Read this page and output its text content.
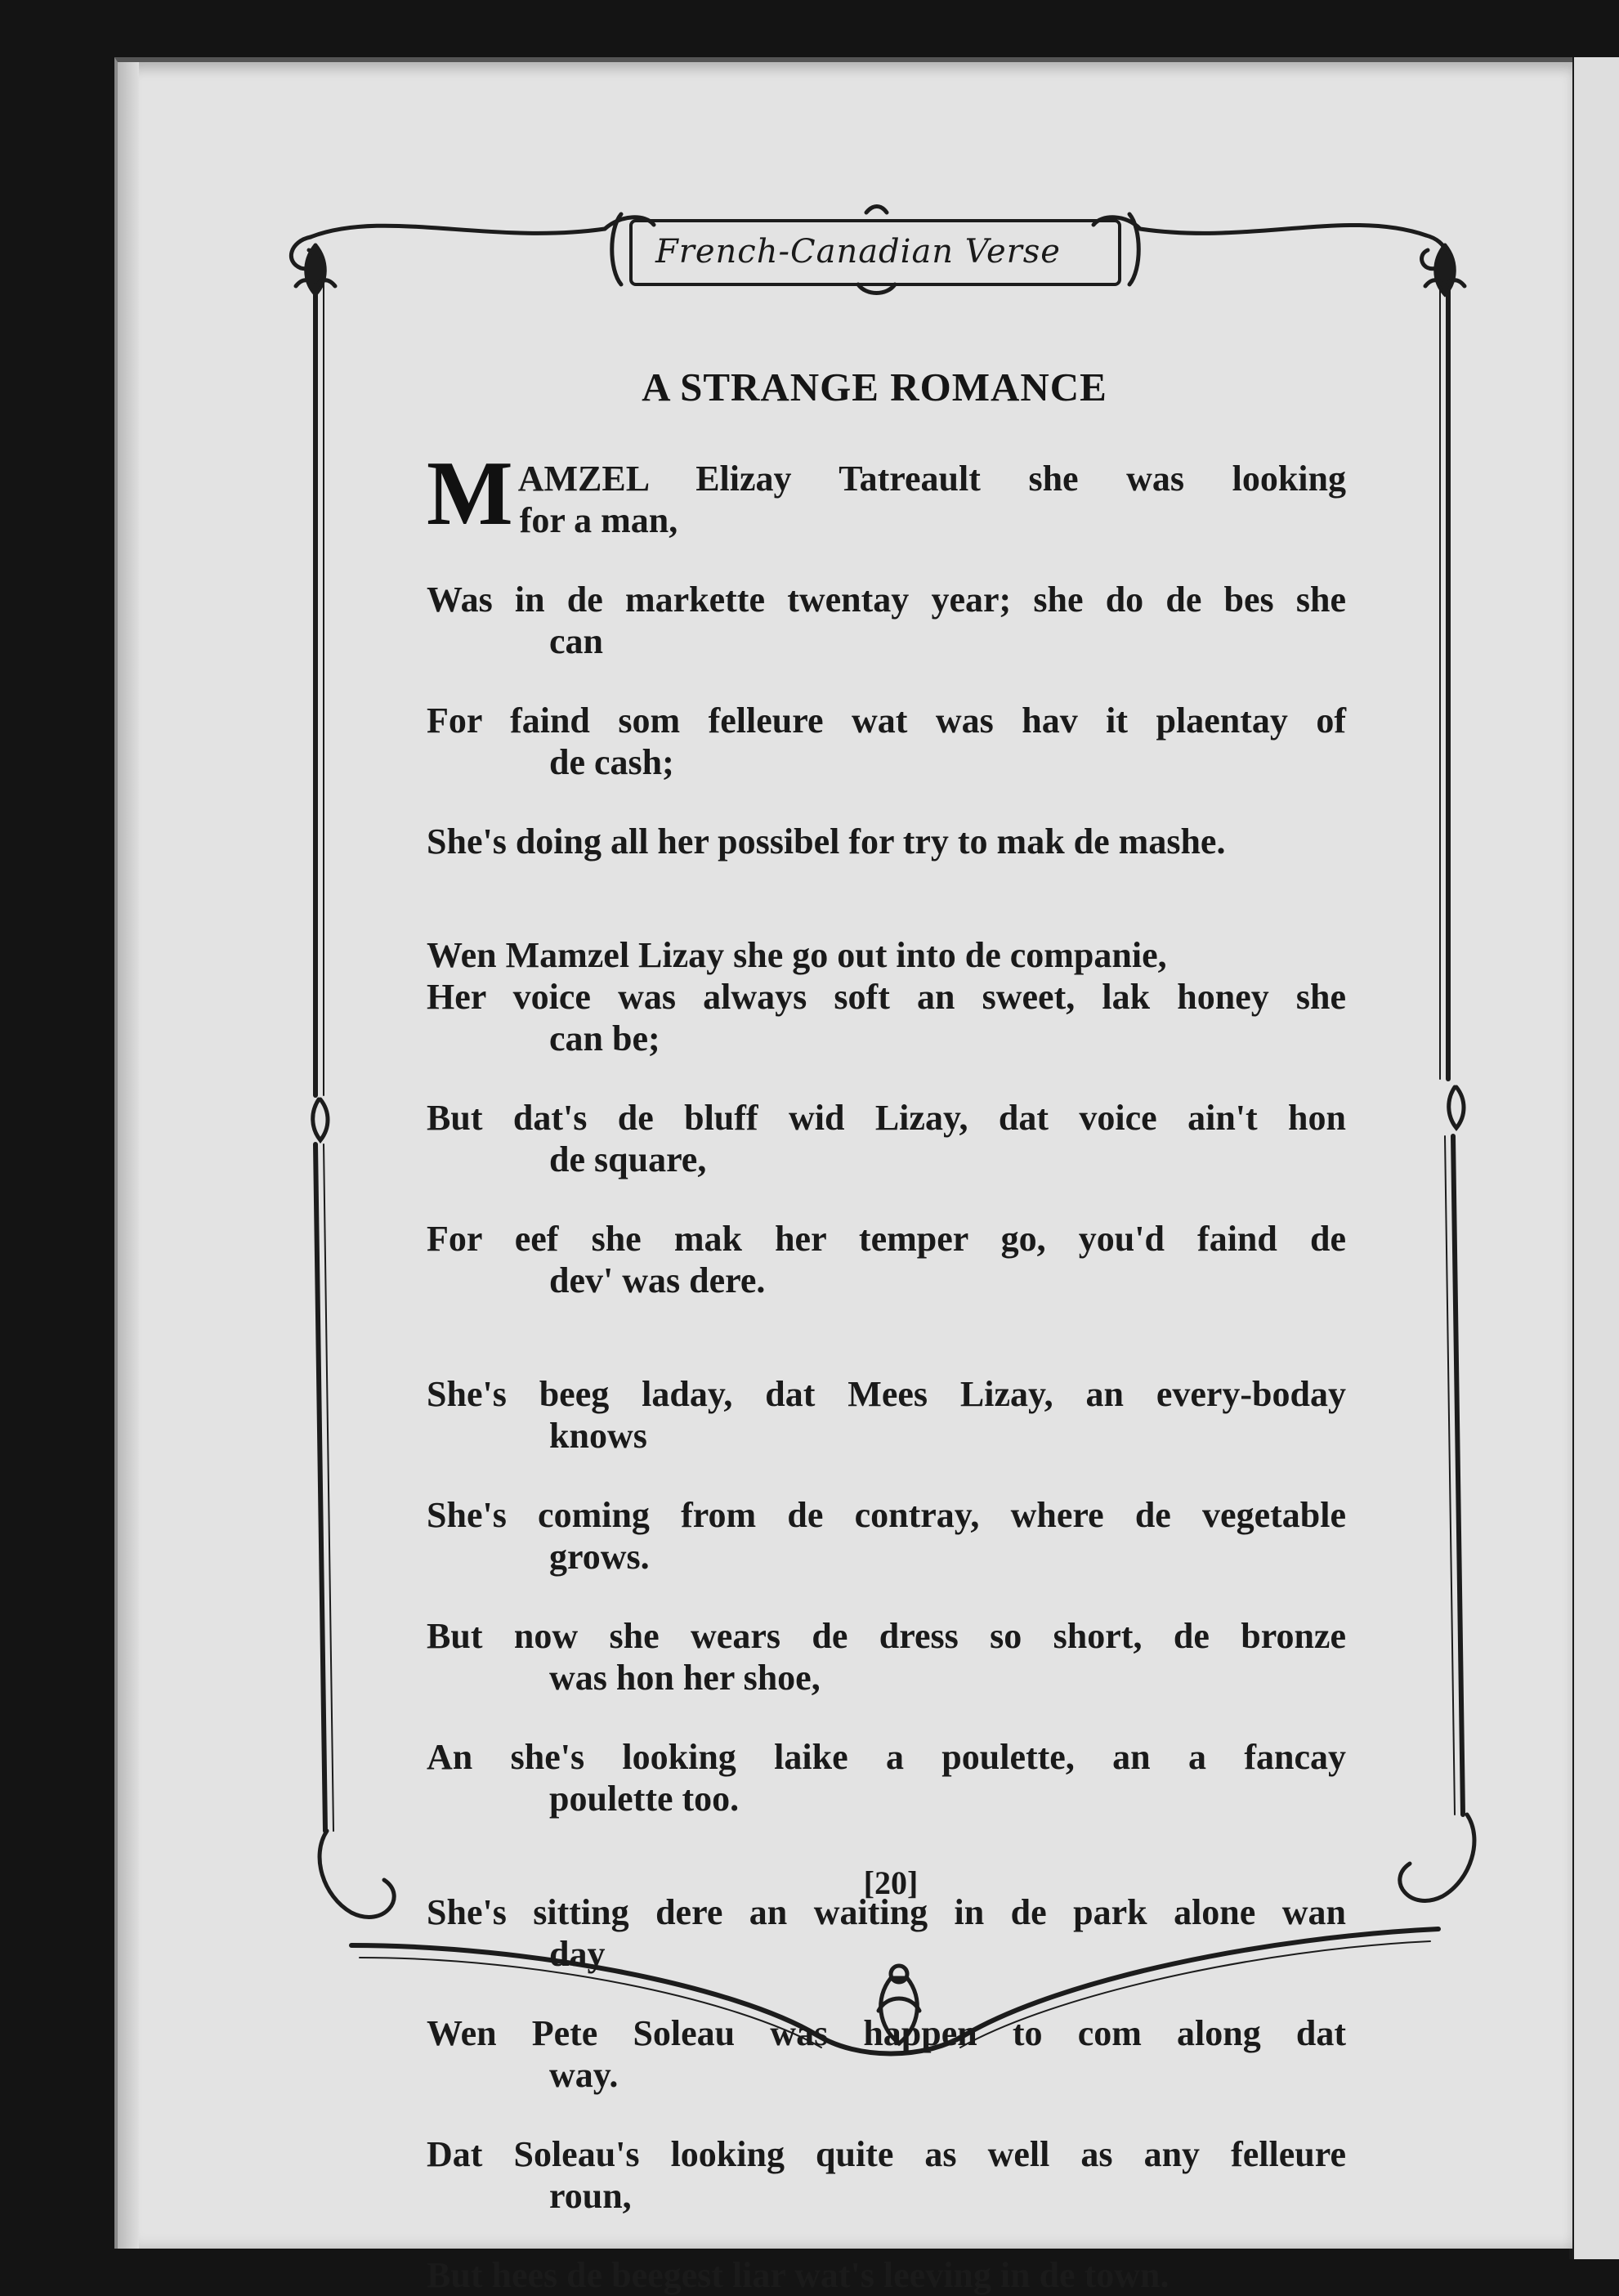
French-Canadian Verse
A STRANGE ROMANCE
M AMZEL Elizay Tatreault she was looking
for a man,
Was in de markette twentay year; she do de bes she
can
For faind som felleure wat was hav it plaentay of
de cash;
She's doing all her possibel for try to mak de mashe.
Wen Mamzel Lizay she go out into de companie,
Her voice was always soft an sweet, lak honey she
can be;
But dat's de bluff wid Lizay, dat voice ain't hon
de square,
For eef she mak her temper go, you'd faind de
dev' was dere.
She's beeg laday, dat Mees Lizay, an every-boday
knows
She's coming from de contray, where de vegetable
grows.
But now she wears de dress so short, de bronze
was hon her shoe,
An she's looking laike a poulette, an a fancay
poulette too.
She's sitting dere an waiting in de park alone wan
day
Wen Pete Soleau was happen to com along dat
way.
Dat Soleau's looking quite as well as any felleure
roun,
But hees de beegest liar wat's leeving in de town.
[20]
